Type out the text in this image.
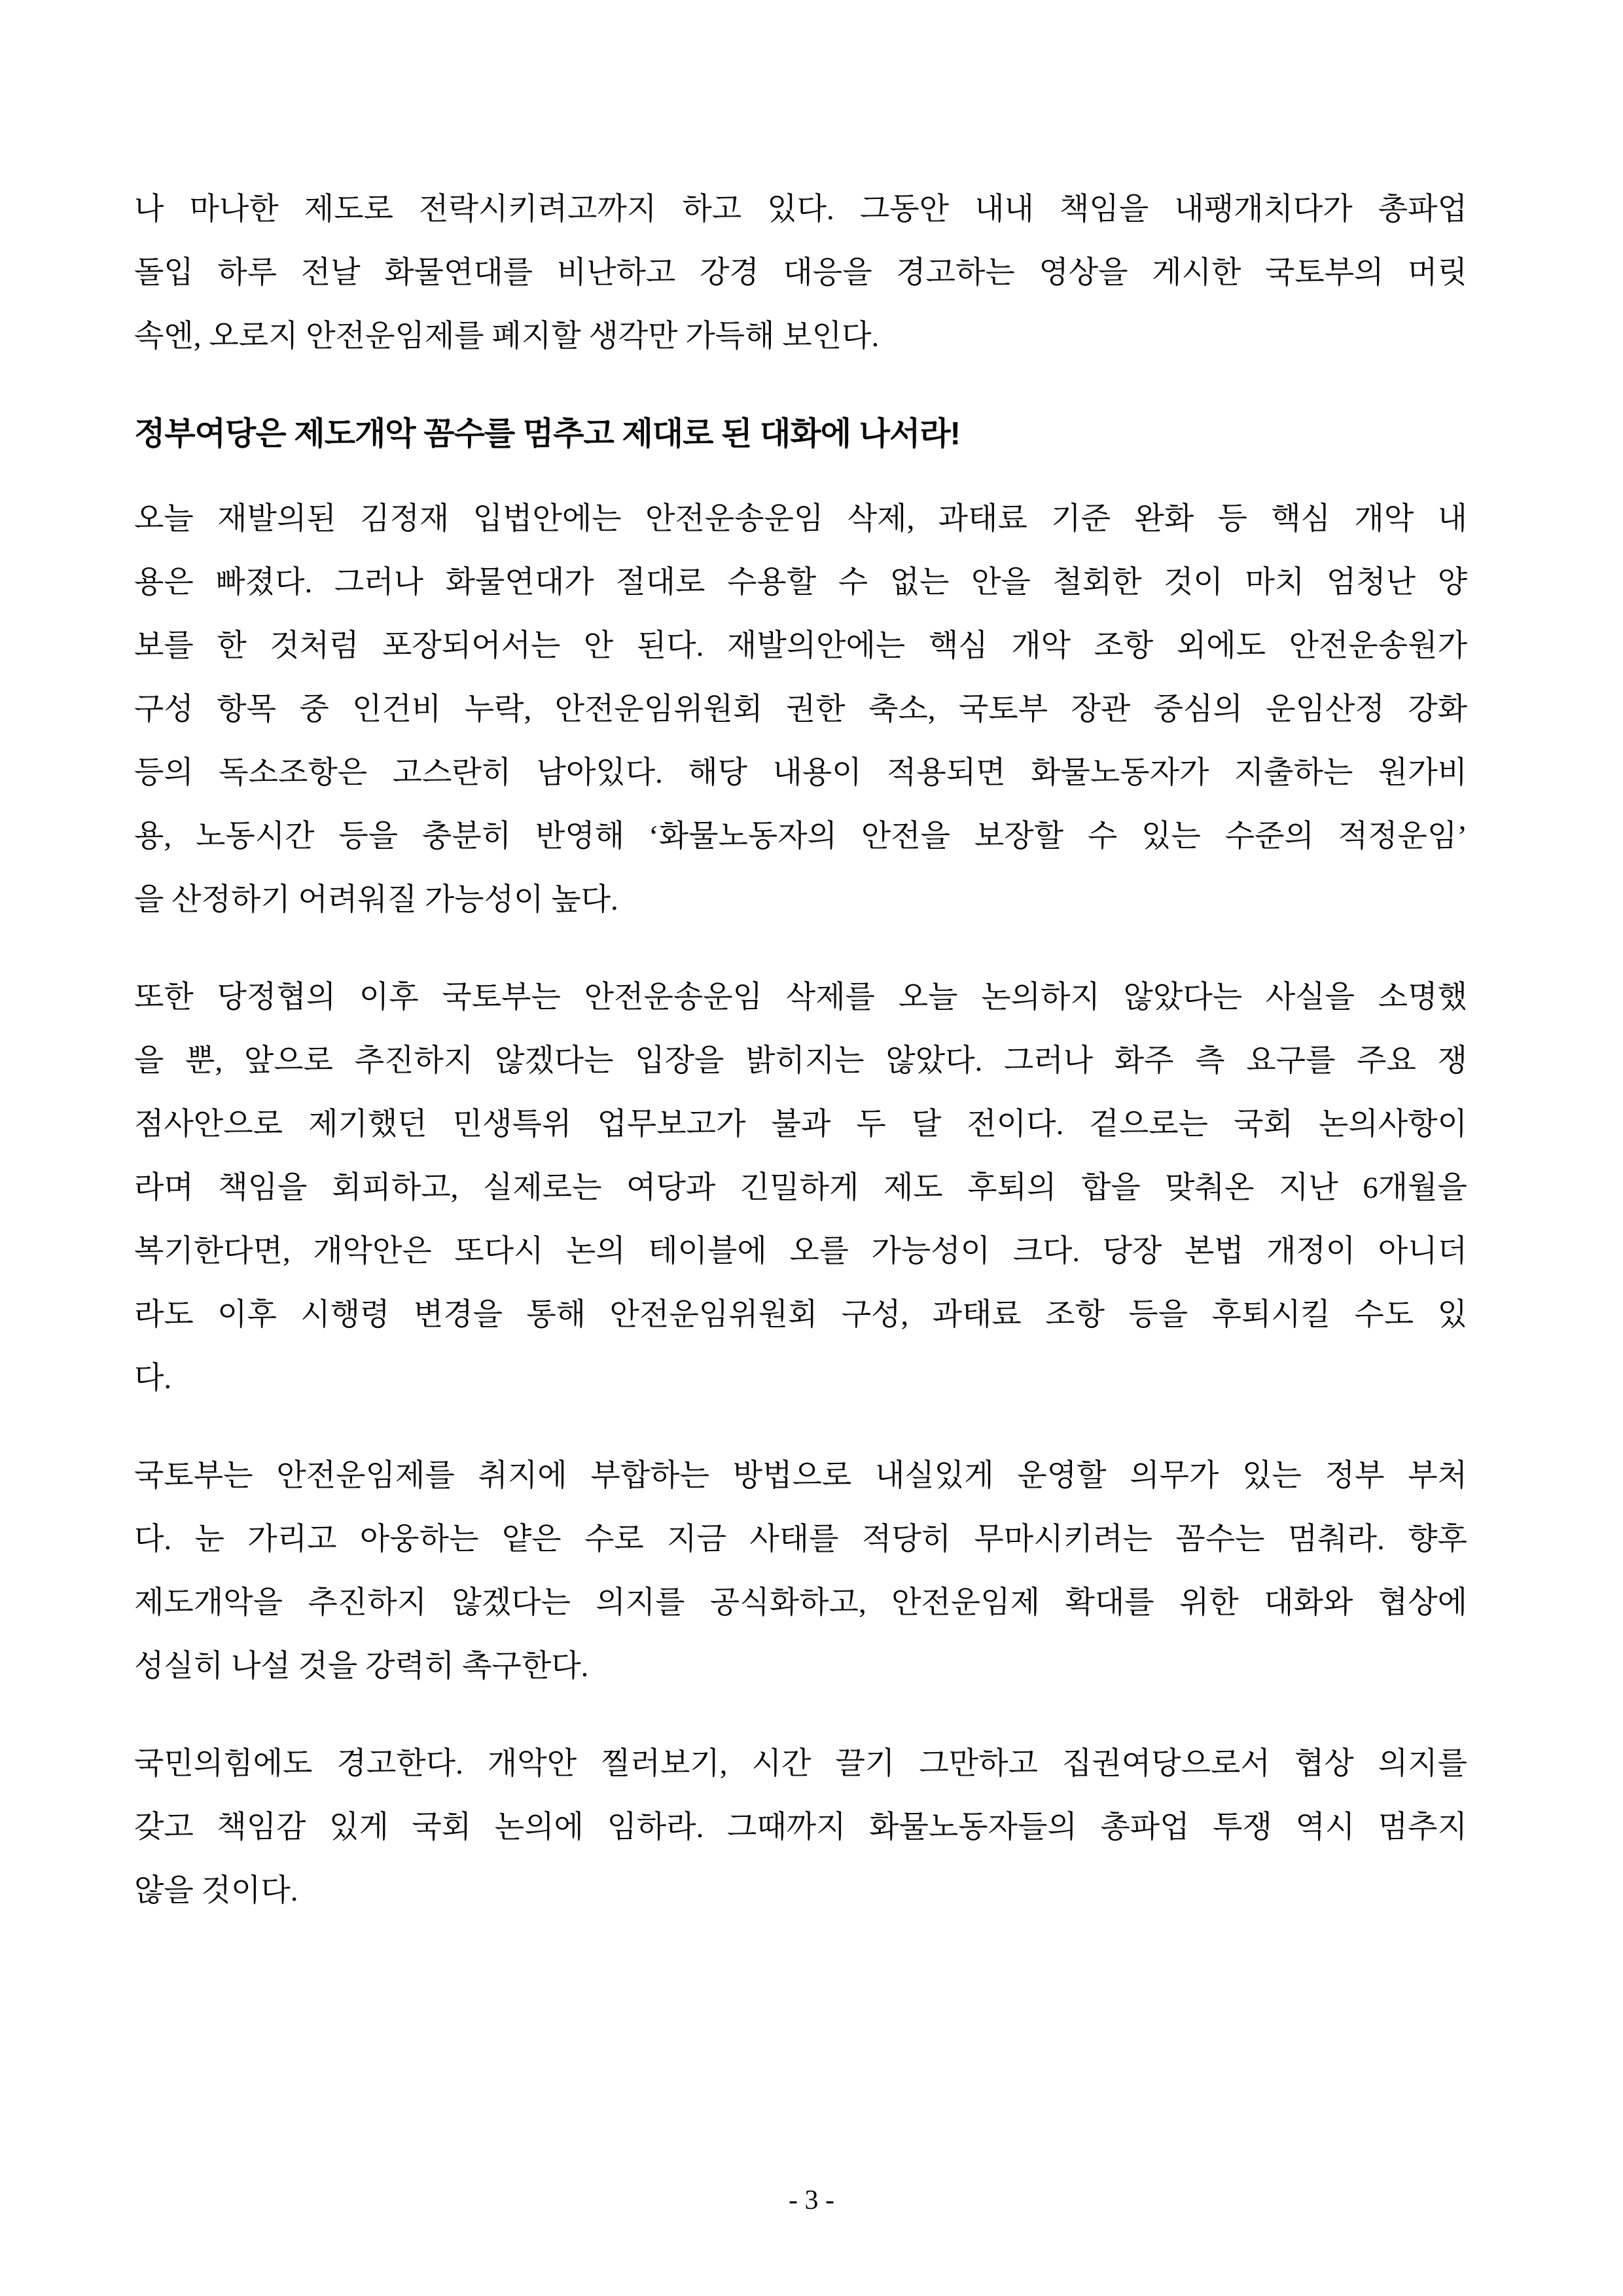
나 마나한 제도로 전락시키려고까지 하고 있다. 그동안 내내 책임을 내팽개치다가 총파업
돌입 하루 전날 화물연대를 비난하고 강경 대응을 경고하는 영상을 게시한 국토부의 머릿
속엔, 오로지 안전운임제를 폐지할 생각만 가득해 보인다.
정부여당은 제도개악 꼼수를 멈추고 제대로 된 대화에 나서라!
오늘 재발의된 김정재 입법안에는 안전운송운임 삭제, 과태료 기준 완화 등 핵심 개악 내
용은 빠졌다. 그러나 화물연대가 절대로 수용할 수 없는 안을 철회한 것이 마치 엄청난 양
보를 한 것처럼 포장되어서는 안 된다. 재발의안에는 핵심 개악 조항 외에도 안전운송원가
구성 항목 중 인건비 누락, 안전운임위원회 권한 축소, 국토부 장관 중심의 운임산정 강화
등의 독소조항은 고스란히 남아있다. 해당 내용이 적용되면 화물노동자가 지출하는 원가비
용, 노동시간 등을 충분히 반영해 ‘화물노동자의 안전을 보장할 수 있는 수준의 적정운임’
을 산정하기 어려워질 가능성이 높다.
또한 당정협의 이후 국토부는 안전운송운임 삭제를 오늘 논의하지 않았다는 사실을 소명했
을 뿐, 앞으로 추진하지 않겠다는 입장을 밝히지는 않았다. 그러나 화주 측 요구를 주요 쟁
점사안으로 제기했던 민생특위 업무보고가 불과 두 달 전이다. 겉으로는 국회 논의사항이
라며 책임을 회피하고, 실제로는 여당과 긴밀하게 제도 후퇴의 합을 맞춰온 지난 6개월을
복기한다면, 개악안은 또다시 논의 테이블에 오를 가능성이 크다. 당장 본법 개정이 아니더
라도 이후 시행령 변경을 통해 안전운임위원회 구성, 과태료 조항 등을 후퇴시킬 수도 있
다.
국토부는 안전운임제를 취지에 부합하는 방법으로 내실있게 운영할 의무가 있는 정부 부처
다. 눈 가리고 아웅하는 얕은 수로 지금 사태를 적당히 무마시키려는 꼼수는 멈춰라. 향후
제도개악을 추진하지 않겠다는 의지를 공식화하고, 안전운임제 확대를 위한 대화와 협상에
성실히 나설 것을 강력히 촉구한다.
국민의힘에도 경고한다. 개악안 찔러보기, 시간 끌기 그만하고 집권여당으로서 협상 의지를
갖고 책임감 있게 국회 논의에 임하라. 그때까지 화물노동자들의 총파업 투쟁 역시 멈추지
않을 것이다.
- 3 -
